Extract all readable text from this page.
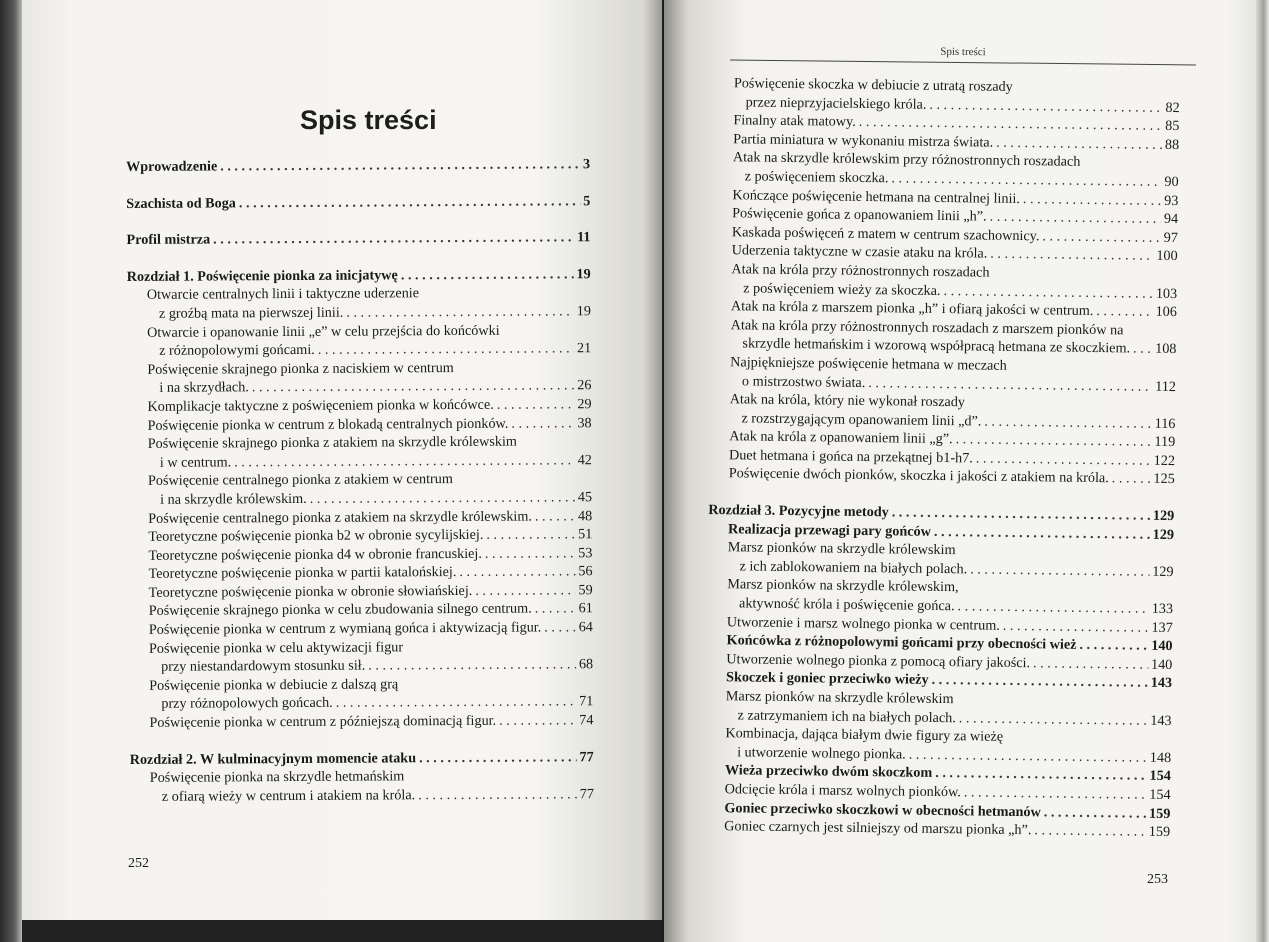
Spis treści
Wprowadzenie . . .	3
Szachista od Boga . . .	5
Profil mistrza . . .	11
Rozdział 1. Poświęcenie pionka za inicjatywę . . .	19
Otwarcie centralnych linii i taktyczne uderzenie
z groźbą mata na pierwszej linii. . . .	19
Otwarcie i opanowanie linii „e” w celu przejścia do końcówki
z różnopolowymi gońcami. . . .	21
Poświęcenie skrajnego pionka z naciskiem w centrum
i na skrzydłach. . . .	26
Komplikacje taktyczne z poświęceniem pionka w końcówce. . . .	29
Poświęcenie pionka w centrum z blokadą centralnych pionków. . . .	38
Poświęcenie skrajnego pionka z atakiem na skrzydle królewskim
i w centrum. . . .	42
Poświęcenie centralnego pionka z atakiem w centrum
i na skrzydle królewskim. . . .	45
Poświęcenie centralnego pionka z atakiem na skrzydle królewskim. . . .	48
Teoretyczne poświęcenie pionka b2 w obronie sycylijskiej. . . .	51
Teoretyczne poświęcenie pionka d4 w obronie francuskiej. . . .	53
Teoretyczne poświęcenie pionka w partii katalońskiej. . . .	56
Teoretyczne poświęcenie pionka w obronie słowiańskiej. . . .	59
Poświęcenie skrajnego pionka w celu zbudowania silnego centrum. . . .	61
Poświęcenie pionka w centrum z wymianą gońca i aktywizacją figur. . . .	64
Poświęcenie pionka w celu aktywizacji figur
przy niestandardowym stosunku sił. . . .	68
Poświęcenie pionka w debiucie z dalszą grą
przy różnopolowych gońcach. . . .	71
Poświęcenie pionka w centrum z późniejszą dominacją figur. . . .	74
Rozdział 2. W kulminacyjnym momencie ataku . . .	77
Poświęcenie pionka na skrzydle hetmańskim
z ofiarą wieży w centrum i atakiem na króla. . . .	77
Spis treści
Poświęcenie skoczka w debiucie z utratą roszady
przez nieprzyjacielskiego króla. . . .	82
Finalny atak matowy. . . .	85
Partia miniatura w wykonaniu mistrza świata. . . .	88
Atak na skrzydle królewskim przy różnostronnych roszadach
z poświęceniem skoczka. . . .	90
Kończące poświęcenie hetmana na centralnej linii. . . .	93
Poświęcenie gońca z opanowaniem linii „h”. . . .	94
Kaskada poświęceń z matem w centrum szachownicy. . . .	97
Uderzenia taktyczne w czasie ataku na króla. . . .	100
Atak na króla przy różnostronnych roszadach
z poświęceniem wieży za skoczka. . . .	103
Atak na króla z marszem pionka „h” i ofiarą jakości w centrum. . . .	106
Atak na króla przy różnostronnych roszadach z marszem pionków na
skrzydle hetmańskim i wzorową współpracą hetmana ze skoczkiem. . . . 108
Najpiękniejsze poświęcenie hetmana w meczach
o mistrzostwo świata. . . .	112
Atak na króla, który nie wykonał roszady
z rozstrzygającym opanowaniem linii „d”. . . .	116
Atak na króla z opanowaniem linii „g”. . . .	119
Duet hetmana i gońca na przekątnej b1-h7. . . .	122
Poświęcenie dwóch pionków, skoczka i jakości z atakiem na króla. . . .	125
Rozdział 3. Pozycyjne metody . . .	129
Realizacja przewagi pary gońców . . .	129
Marsz pionków na skrzydle królewskim
z ich zablokowaniem na białych polach. . . .	129
Marsz pionków na skrzydle królewskim,
aktywność króla i poświęcenie gońca. . . .	133
Utworzenie i marsz wolnego pionka w centrum. . . .	137
Końcówka z różnopolowymi gońcami przy obecności wież . . .	140
Utworzenie wolnego pionka z pomocą ofiary jakości. . . .	140
Skoczek i goniec przeciwko wieży . . .	143
Marsz pionków na skrzydle królewskim
z zatrzymaniem ich na białych polach. . . .	143
Kombinacja, dająca białym dwie figury za wieżę
i utworzenie wolnego pionka. . . .	148
Wieża przeciwko dwóm skoczkom . . .	154
Odcięcie króla i marsz wolnych pionków. . . .	154
Goniec przeciwko skoczkowi w obecności hetmanów . . .	159
Goniec czarnych jest silniejszy od marszu pionka „h”. . . .	159
252
253
